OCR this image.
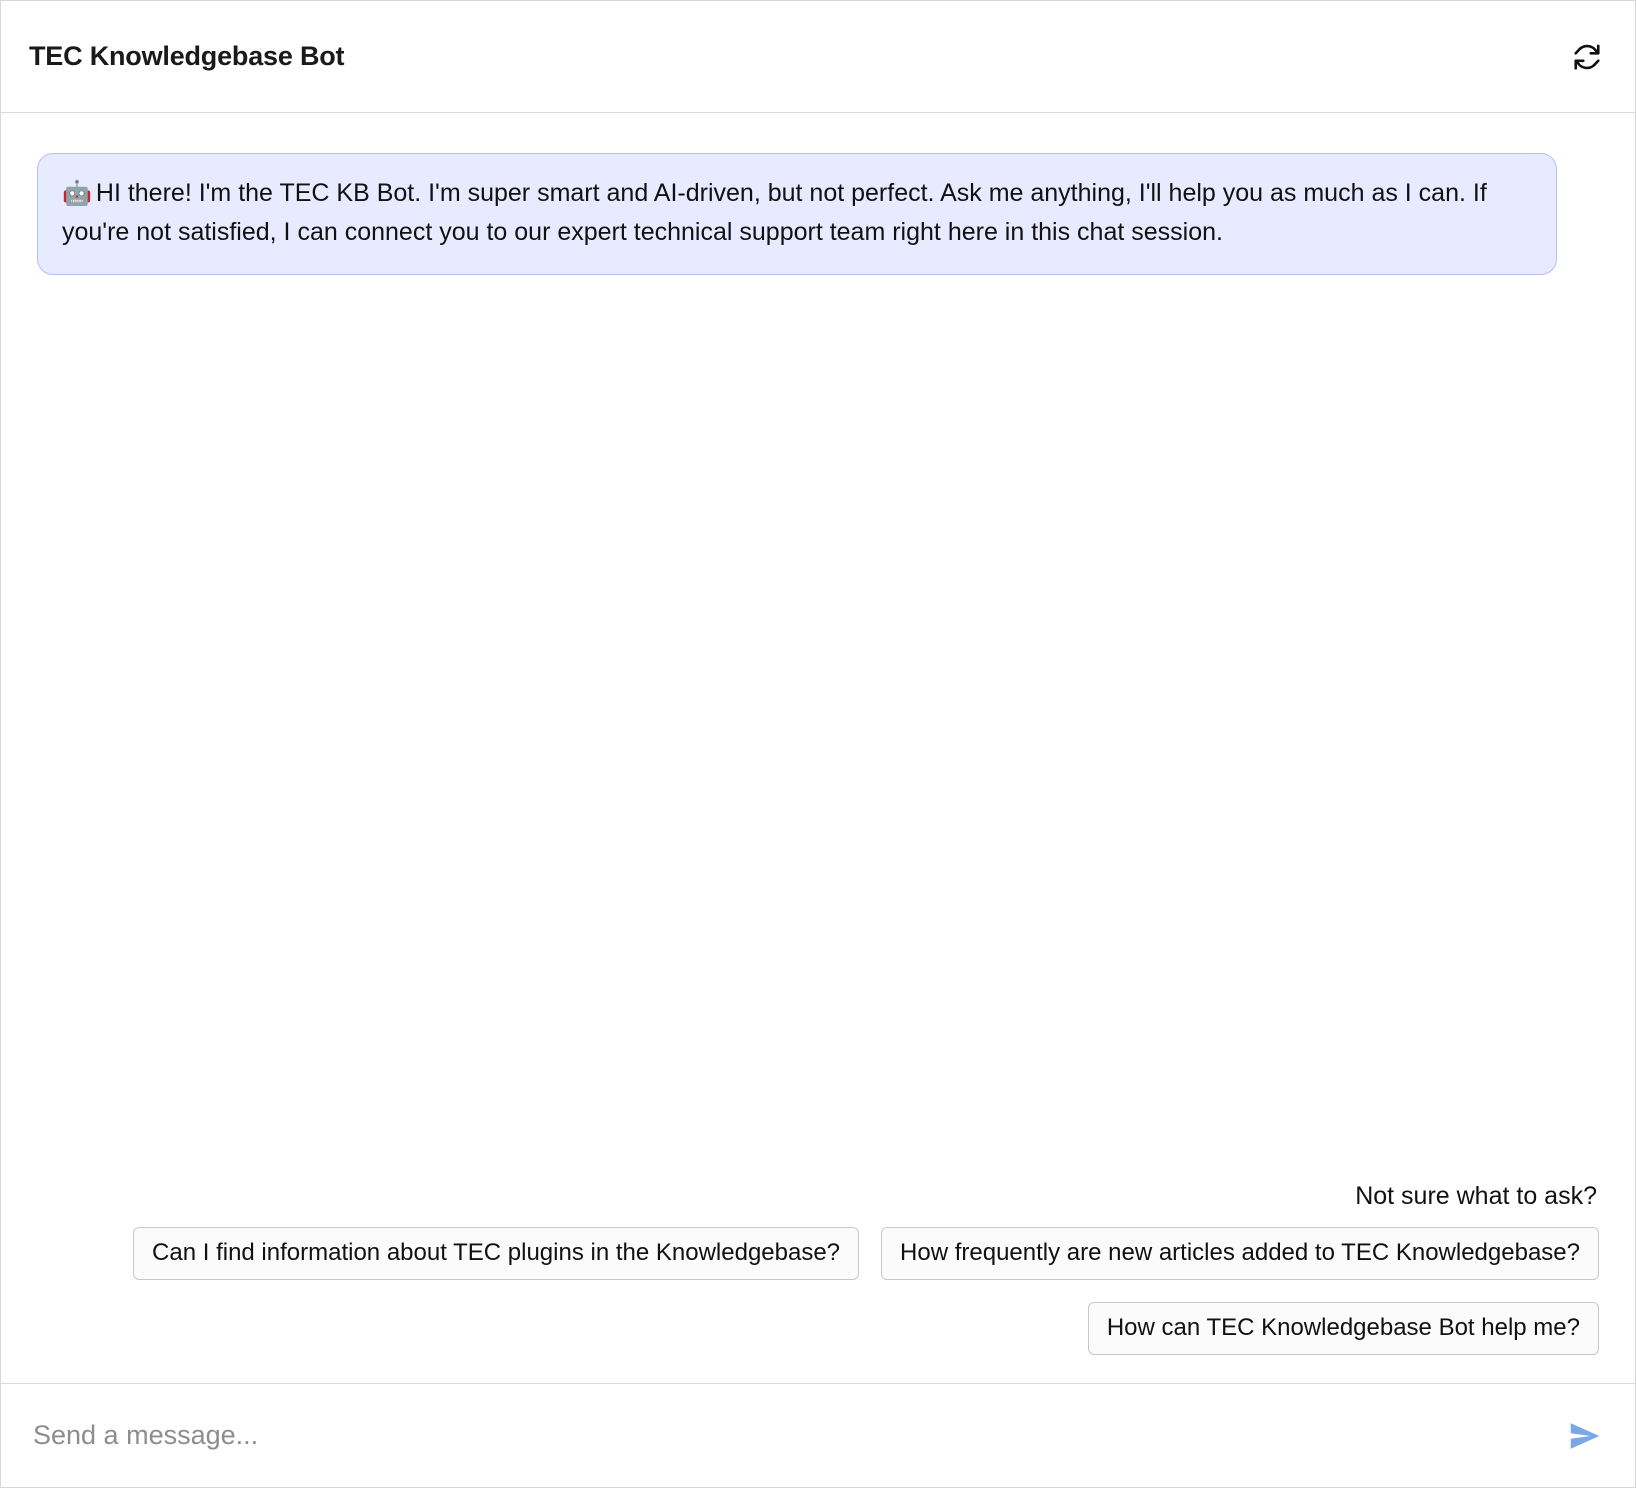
TEC Knowledgebase Bot
🤖 HI there! I'm the TEC KB Bot. I'm super smart and AI-driven, but not perfect. Ask me anything, I'll help you as much as I can. If you're not satisfied, I can connect you to our expert technical support team right here in this chat session.
Not sure what to ask?
Can I find information about TEC plugins in the Knowledgebase?	How frequently are new articles added to TEC Knowledgebase?
How can TEC Knowledgebase Bot help me?
Send a message...
